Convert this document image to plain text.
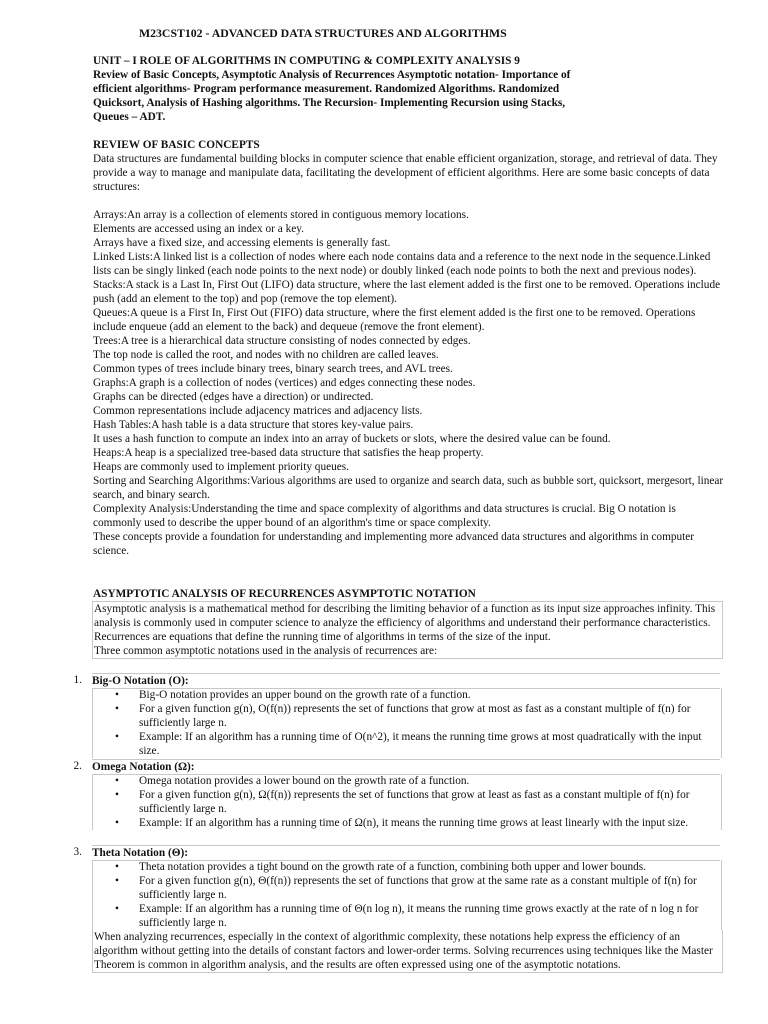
M23CST102 - ADVANCED DATA STRUCTURES AND ALGORITHMS
UNIT – I ROLE OF ALGORITHMS IN COMPUTING & COMPLEXITY ANALYSIS 9
Review of Basic Concepts, Asymptotic Analysis of Recurrences Asymptotic notation- Importance of efficient algorithms- Program performance measurement. Randomized Algorithms. Randomized Quicksort, Analysis of Hashing algorithms. The Recursion- Implementing Recursion using Stacks, Queues – ADT.
REVIEW OF BASIC CONCEPTS

Data structures are fundamental building blocks in computer science that enable efficient organization, storage, and retrieval of data. They provide a way to manage and manipulate data, facilitating the development of efficient algorithms. Here are some basic concepts of data structures:

Arrays:An array is a collection of elements stored in contiguous memory locations.

Elements are accessed using an index or a key.

Arrays have a fixed size, and accessing elements is generally fast.

Linked Lists:A linked list is a collection of nodes where each node contains data and a reference to the next node in the sequence.Linked lists can be singly linked (each node points to the next node) or doubly linked (each node points to both the next and previous nodes).

Stacks:A stack is a Last In, First Out (LIFO) data structure, where the last element added is the first one to be removed. Operations include push (add an element to the top) and pop (remove the top element).

Queues:A queue is a First In, First Out (FIFO) data structure, where the first element added is the first one to be removed. Operations include enqueue (add an element to the back) and dequeue (remove the front element).

Trees:A tree is a hierarchical data structure consisting of nodes connected by edges.

The top node is called the root, and nodes with no children are called leaves.

Common types of trees include binary trees, binary search trees, and AVL trees.

Graphs:A graph is a collection of nodes (vertices) and edges connecting these nodes.

Graphs can be directed (edges have a direction) or undirected.

Common representations include adjacency matrices and adjacency lists.

Hash Tables:A hash table is a data structure that stores key-value pairs.

It uses a hash function to compute an index into an array of buckets or slots, where the desired value can be found.

Heaps:A heap is a specialized tree-based data structure that satisfies the heap property.

Heaps are commonly used to implement priority queues.

Sorting and Searching Algorithms:Various algorithms are used to organize and search data, such as bubble sort, quicksort, mergesort, linear search, and binary search.

Complexity Analysis:Understanding the time and space complexity of algorithms and data structures is crucial. Big O notation is commonly used to describe the upper bound of an algorithm's time or space complexity.

These concepts provide a foundation for understanding and implementing more advanced data structures and algorithms in computer science.

ASYMPTOTIC ANALYSIS OF RECURRENCES ASYMPTOTIC NOTATION
Asymptotic analysis is a mathematical method for describing the limiting behavior of a function as its input size approaches infinity. This analysis is commonly used in computer science to analyze the efficiency of algorithms and understand their performance characteristics. Recurrences are equations that define the running time of algorithms in terms of the size of the input.
Three common asymptotic notations used in the analysis of recurrences are:
1. Big-O Notation (O):
• Big-O notation provides an upper bound on the growth rate of a function.
• For a given function g(n), O(f(n)) represents the set of functions that grow at most as fast as a constant multiple of f(n) for sufficiently large n.
• Example: If an algorithm has a running time of O(n^2), it means the running time grows at most quadratically with the input size.
2. Omega Notation (Ω):
• Omega notation provides a lower bound on the growth rate of a function.
• For a given function g(n), Ω(f(n)) represents the set of functions that grow at least as fast as a constant multiple of f(n) for sufficiently large n.
• Example: If an algorithm has a running time of Ω(n), it means the running time grows at least linearly with the input size.
3. Theta Notation (Θ):
• Theta notation provides a tight bound on the growth rate of a function, combining both upper and lower bounds.
• For a given function g(n), Θ(f(n)) represents the set of functions that grow at the same rate as a constant multiple of f(n) for sufficiently large n.
• Example: If an algorithm has a running time of Θ(n log n), it means the running time grows exactly at the rate of n log n for sufficiently large n.
When analyzing recurrences, especially in the context of algorithmic complexity, these notations help express the efficiency of an algorithm without getting into the details of constant factors and lower-order terms. Solving recurrences using techniques like the Master Theorem is common in algorithm analysis, and the results are often expressed using one of the asymptotic notations.
